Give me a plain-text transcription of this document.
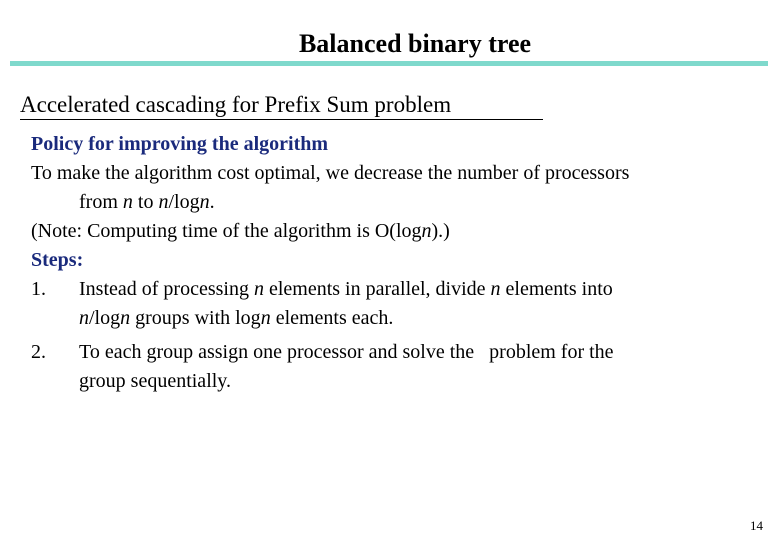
Balanced binary tree
Accelerated cascading for Prefix Sum problem
Policy for improving the algorithm
To make the algorithm cost optimal, we decrease the number of processors
from n to n/logn.
(Note: Computing time of the algorithm is O(logn).)
Steps:
1.	Instead of processing n elements in parallel, divide n elements into
n/logn groups with logn elements each.
2.	To each group assign one processor and solve the   problem for the
group sequentially.
14
